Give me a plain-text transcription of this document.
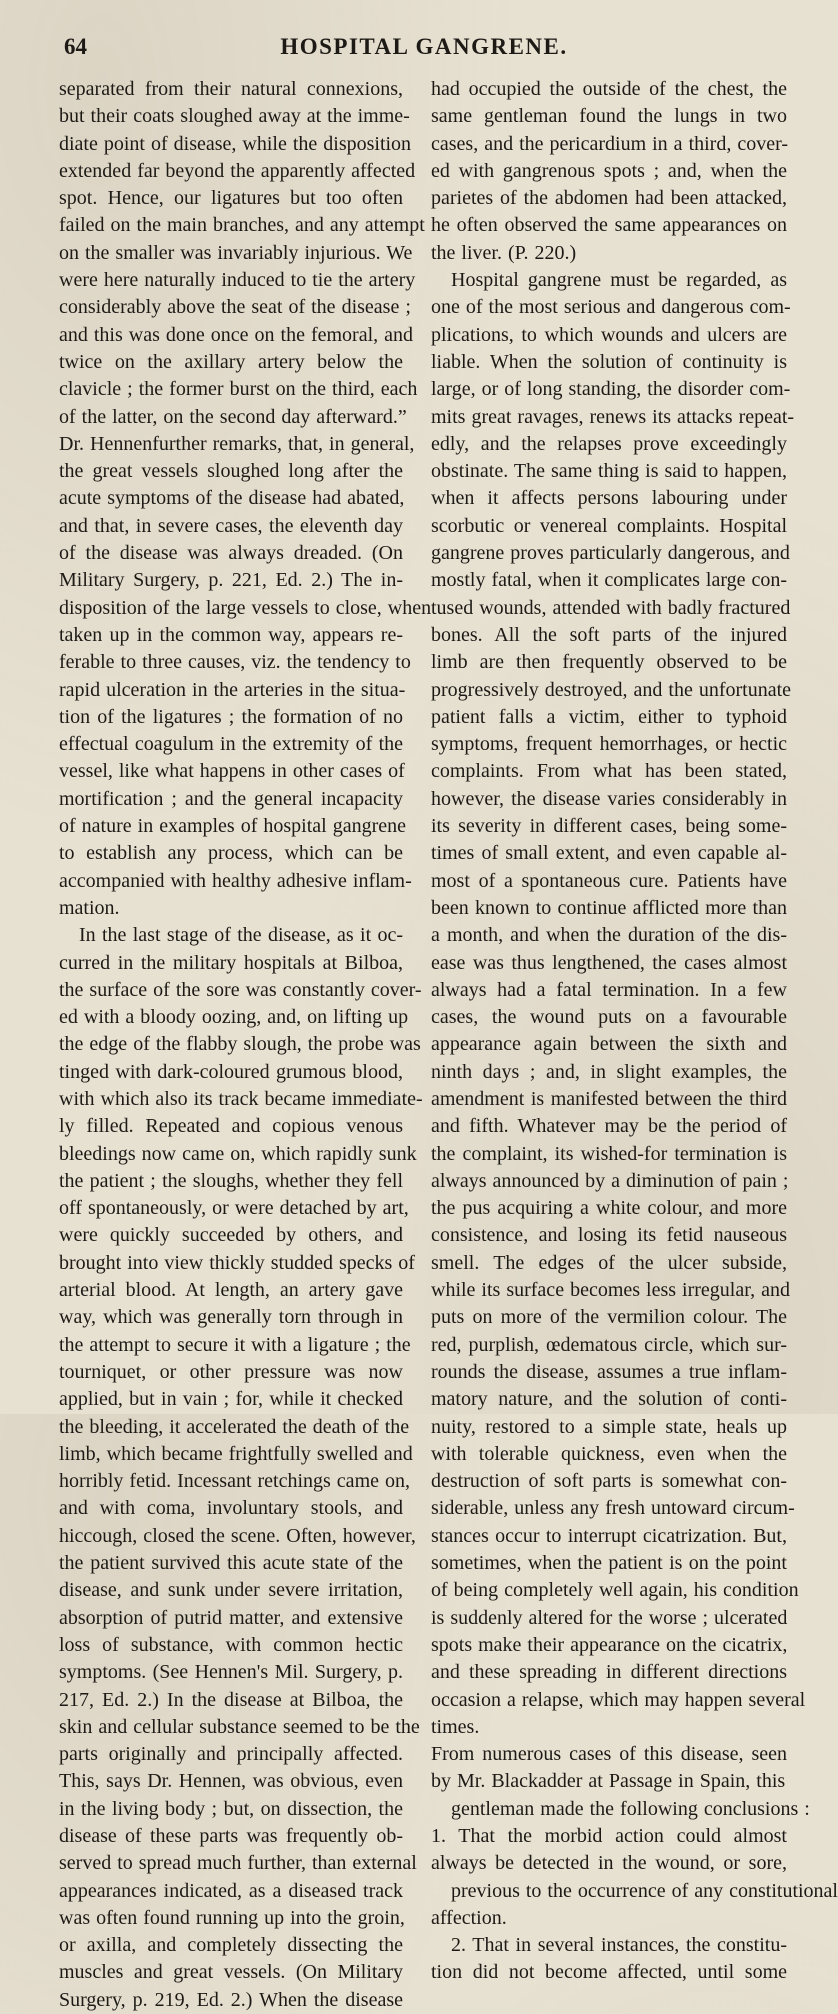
64	HOSPITAL GANGRENE.
separated from their natural connexions,
but their coats sloughed away at the imme-
diate point of disease, while the disposition
extended far beyond the apparently affected
spot. Hence, our ligatures but too often
failed on the main branches, and any attempt
on the smaller was invariably injurious. We
were here naturally induced to tie the artery
considerably above the seat of the disease ;
and this was done once on the femoral, and
twice on the axillary artery below the
clavicle ; the former burst on the third, each
of the latter, on the second day afterward.”
Dr. Hennenfurther remarks, that, in general,
the great vessels sloughed long after the
acute symptoms of the disease had abated,
and that, in severe cases, the eleventh day
of the disease was always dreaded. (On
Military Surgery, p. 221, Ed. 2.) The in-
disposition of the large vessels to close, when
taken up in the common way, appears re-
ferable to three causes, viz. the tendency to
rapid ulceration in the arteries in the situa-
tion of the ligatures ; the formation of no
effectual coagulum in the extremity of the
vessel, like what happens in other cases of
mortification ; and the general incapacity
of nature in examples of hospital gangrene
to establish any process, which can be
accompanied with healthy adhesive inflam-
mation.
In the last stage of the disease, as it oc-
curred in the military hospitals at Bilboa,
the surface of the sore was constantly cover-
ed with a bloody oozing, and, on lifting up
the edge of the flabby slough, the probe was
tinged with dark-coloured grumous blood,
with which also its track became immediate-
ly filled. Repeated and copious venous
bleedings now came on, which rapidly sunk
the patient ; the sloughs, whether they fell
off spontaneously, or were detached by art,
were quickly succeeded by others, and
brought into view thickly studded specks of
arterial blood. At length, an artery gave
way, which was generally torn through in
the attempt to secure it with a ligature ; the
tourniquet, or other pressure was now
applied, but in vain ; for, while it checked
the bleeding, it accelerated the death of the
limb, which became frightfully swelled and
horribly fetid. Incessant retchings came on,
and with coma, involuntary stools, and
hiccough, closed the scene. Often, however,
the patient survived this acute state of the
disease, and sunk under severe irritation,
absorption of putrid matter, and extensive
loss of substance, with common hectic
symptoms. (See Hennen's Mil. Surgery, p.
217, Ed. 2.) In the disease at Bilboa, the
skin and cellular substance seemed to be the
parts originally and principally affected.
This, says Dr. Hennen, was obvious, even
in the living body ; but, on dissection, the
disease of these parts was frequently ob-
served to spread much further, than external
appearances indicated, as a diseased track
was often found running up into the groin,
or axilla, and completely dissecting the
muscles and great vessels. (On Military
Surgery, p. 219, Ed. 2.) When the disease
had occupied the outside of the chest, the
same gentleman found the lungs in two
cases, and the pericardium in a third, cover-
ed with gangrenous spots ; and, when the
parietes of the abdomen had been attacked,
he often observed the same appearances on
the liver. (P. 220.)
Hospital gangrene must be regarded, as
one of the most serious and dangerous com-
plications, to which wounds and ulcers are
liable. When the solution of continuity is
large, or of long standing, the disorder com-
mits great ravages, renews its attacks repeat-
edly, and the relapses prove exceedingly
obstinate. The same thing is said to happen,
when it affects persons labouring under
scorbutic or venereal complaints. Hospital
gangrene proves particularly dangerous, and
mostly fatal, when it complicates large con-
tused wounds, attended with badly fractured
bones. All the soft parts of the injured
limb are then frequently observed to be
progressively destroyed, and the unfortunate
patient falls a victim, either to typhoid
symptoms, frequent hemorrhages, or hectic
complaints. From what has been stated,
however, the disease varies considerably in
its severity in different cases, being some-
times of small extent, and even capable al-
most of a spontaneous cure. Patients have
been known to continue afflicted more than
a month, and when the duration of the dis-
ease was thus lengthened, the cases almost
always had a fatal termination. In a few
cases, the wound puts on a favourable
appearance again between the sixth and
ninth days ; and, in slight examples, the
amendment is manifested between the third
and fifth. Whatever may be the period of
the complaint, its wished-for termination is
always announced by a diminution of pain ;
the pus acquiring a white colour, and more
consistence, and losing its fetid nauseous
smell. The edges of the ulcer subside,
while its surface becomes less irregular, and
puts on more of the vermilion colour. The
red, purplish, œdematous circle, which sur-
rounds the disease, assumes a true inflam-
matory nature, and the solution of conti-
nuity, restored to a simple state, heals up
with tolerable quickness, even when the
destruction of soft parts is somewhat con-
siderable, unless any fresh untoward circum-
stances occur to interrupt cicatrization. But,
sometimes, when the patient is on the point
of being completely well again, his condition
is suddenly altered for the worse ; ulcerated
spots make their appearance on the cicatrix,
and these spreading in different directions
occasion a relapse, which may happen several
times.
From numerous cases of this disease, seen
by Mr. Blackadder at Passage in Spain, this
gentleman made the following conclusions :
1. That the morbid action could almost
always be detected in the wound, or sore,
previous to the occurrence of any constitutional
affection.
2. That in several instances, the constitu-
tion did not become affected, until some
